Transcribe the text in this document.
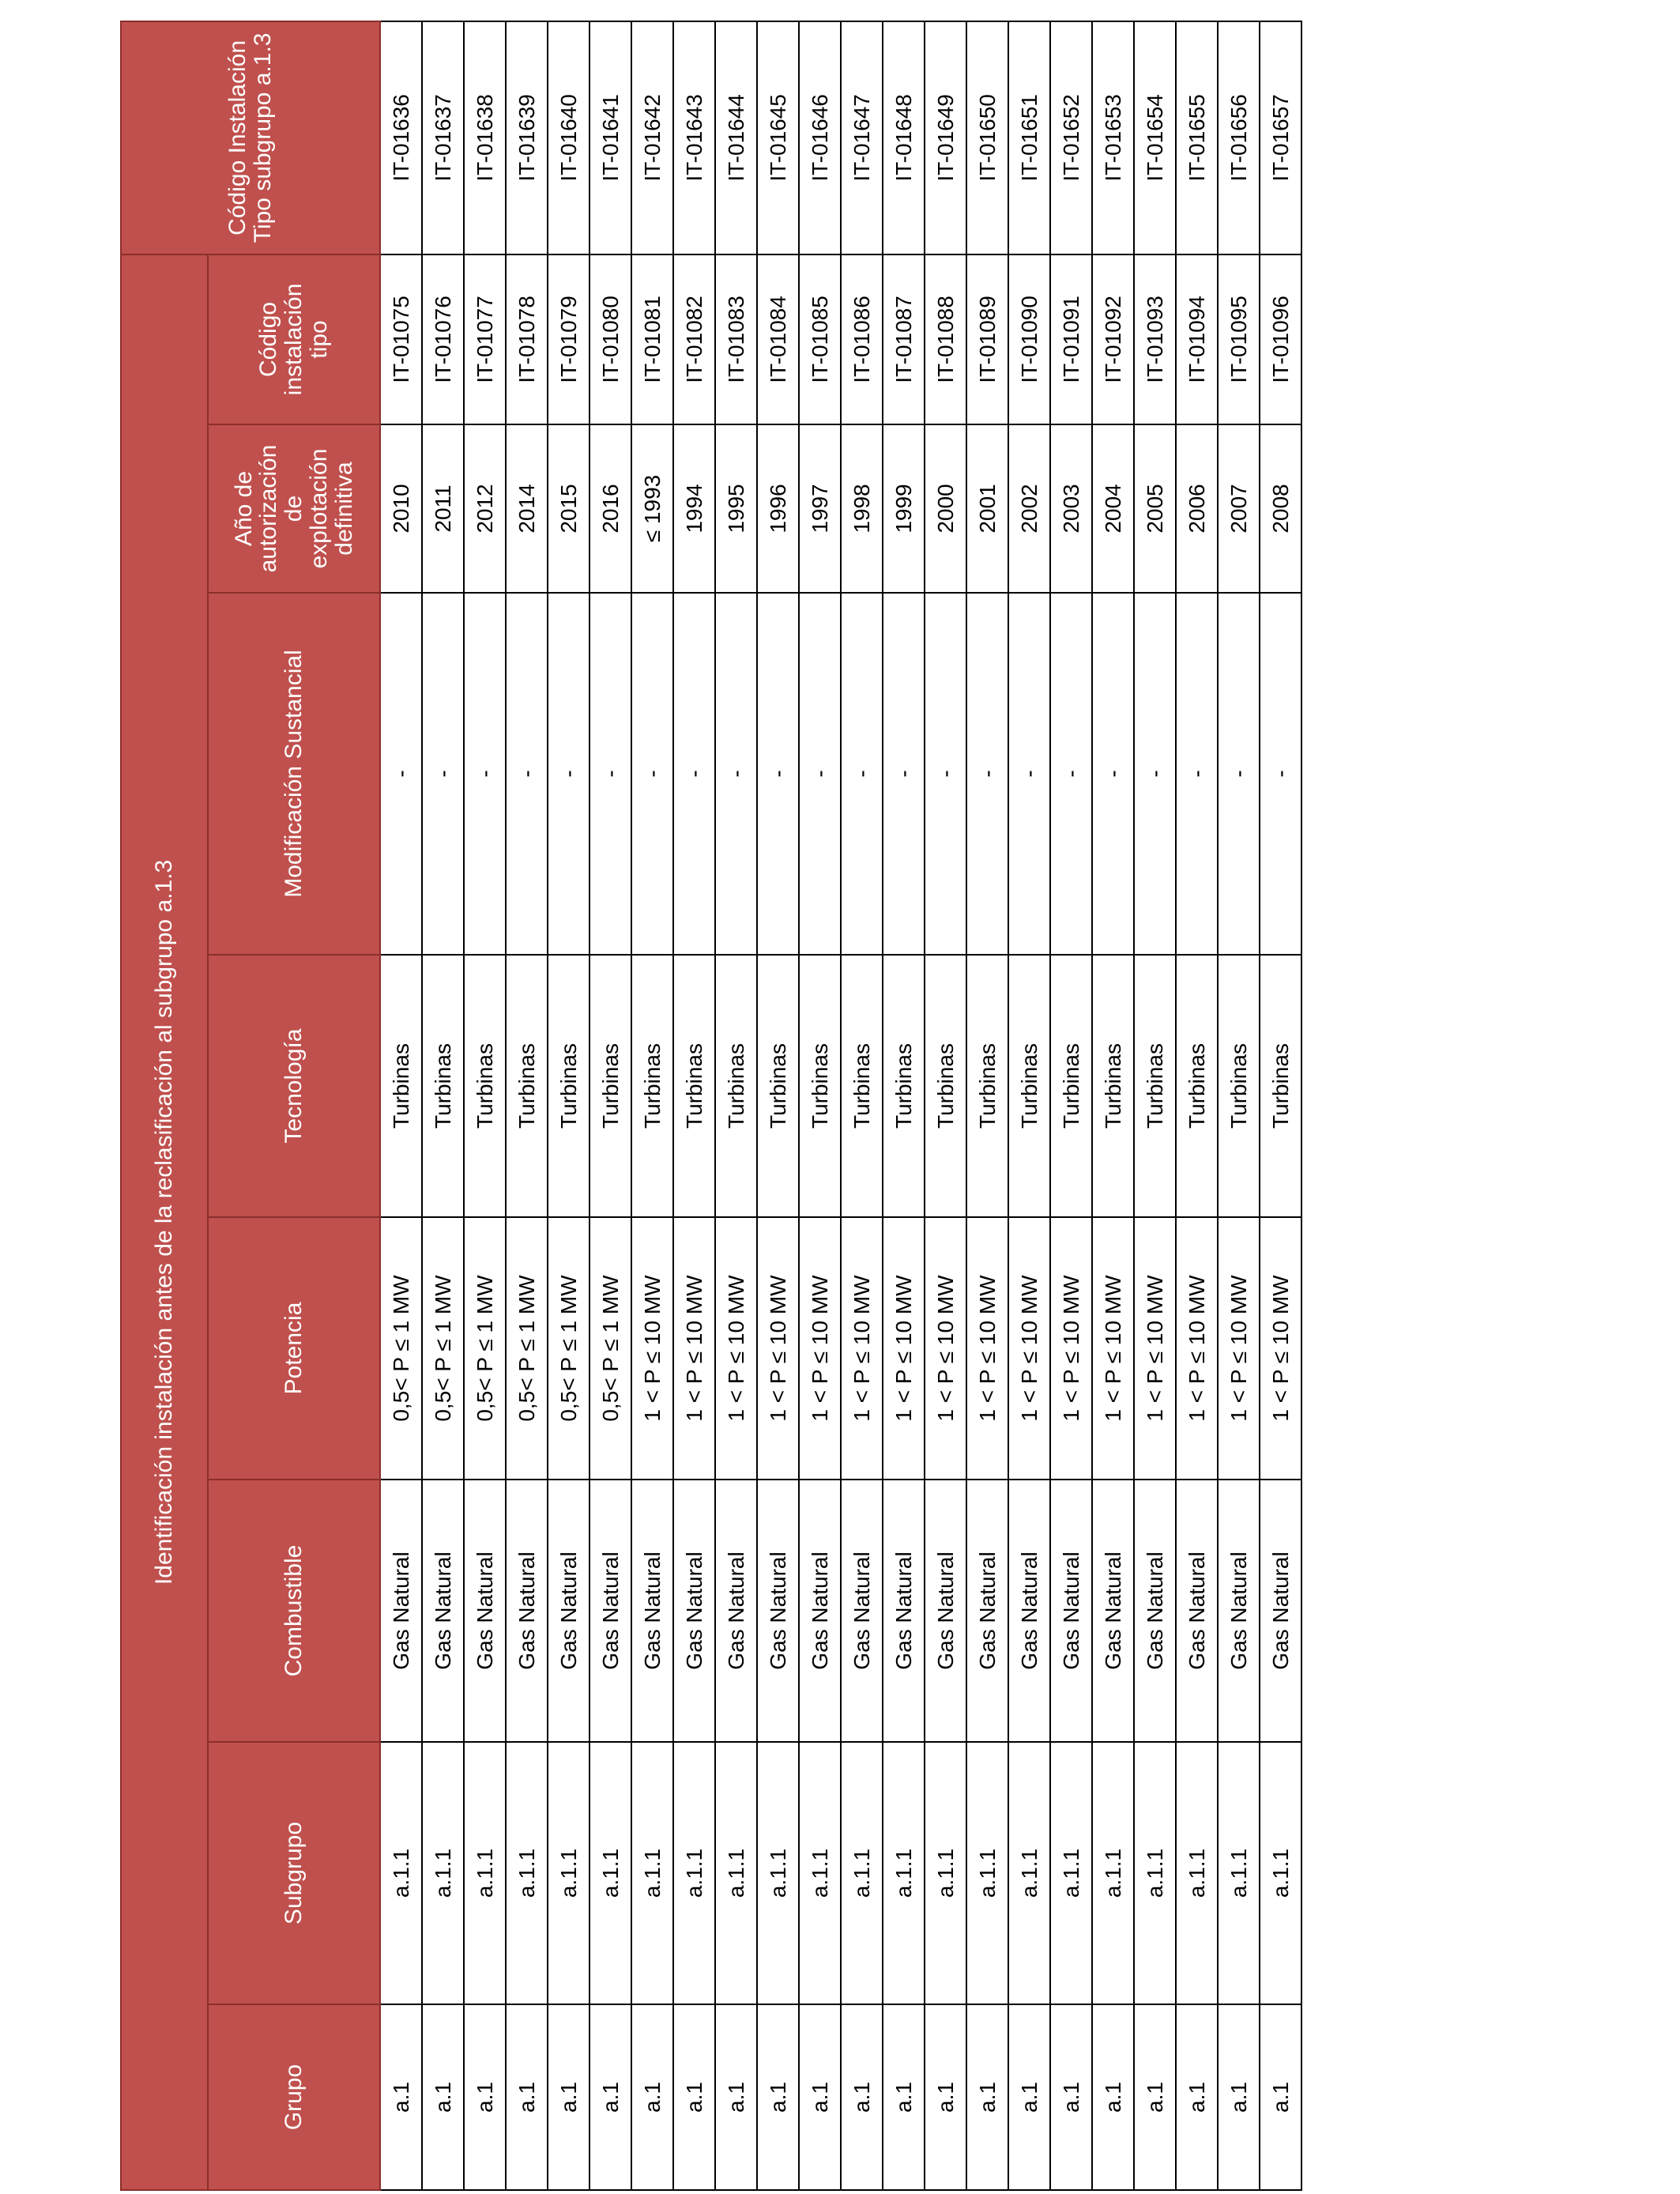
Identificación instalación antes de la reclasificación al subgrupo a.1.3								Código Instalación Tipo subgrupo a.1.3
Grupo	Subgrupo	Combustible	Potencia	Tecnología	Modificación Sustancial	Año de autorización de explotación definitiva	Código instalación tipo	
a.1	a.1.1	Gas Natural	0,5< P ≤ 1 MW	Turbinas	-	2010	IT-01075	IT-01636
a.1	a.1.1	Gas Natural	0,5< P ≤ 1 MW	Turbinas	-	2011	IT-01076	IT-01637
a.1	a.1.1	Gas Natural	0,5< P ≤ 1 MW	Turbinas	-	2012	IT-01077	IT-01638
a.1	a.1.1	Gas Natural	0,5< P ≤ 1 MW	Turbinas	-	2014	IT-01078	IT-01639
a.1	a.1.1	Gas Natural	0,5< P ≤ 1 MW	Turbinas	-	2015	IT-01079	IT-01640
a.1	a.1.1	Gas Natural	0,5< P ≤ 1 MW	Turbinas	-	2016	IT-01080	IT-01641
a.1	a.1.1	Gas Natural	1 < P ≤ 10 MW	Turbinas	-	≤ 1993	IT-01081	IT-01642
a.1	a.1.1	Gas Natural	1 < P ≤ 10 MW	Turbinas	-	1994	IT-01082	IT-01643
a.1	a.1.1	Gas Natural	1 < P ≤ 10 MW	Turbinas	-	1995	IT-01083	IT-01644
a.1	a.1.1	Gas Natural	1 < P ≤ 10 MW	Turbinas	-	1996	IT-01084	IT-01645
a.1	a.1.1	Gas Natural	1 < P ≤ 10 MW	Turbinas	-	1997	IT-01085	IT-01646
a.1	a.1.1	Gas Natural	1 < P ≤ 10 MW	Turbinas	-	1998	IT-01086	IT-01647
a.1	a.1.1	Gas Natural	1 < P ≤ 10 MW	Turbinas	-	1999	IT-01087	IT-01648
a.1	a.1.1	Gas Natural	1 < P ≤ 10 MW	Turbinas	-	2000	IT-01088	IT-01649
a.1	a.1.1	Gas Natural	1 < P ≤ 10 MW	Turbinas	-	2001	IT-01089	IT-01650
a.1	a.1.1	Gas Natural	1 < P ≤ 10 MW	Turbinas	-	2002	IT-01090	IT-01651
a.1	a.1.1	Gas Natural	1 < P ≤ 10 MW	Turbinas	-	2003	IT-01091	IT-01652
a.1	a.1.1	Gas Natural	1 < P ≤ 10 MW	Turbinas	-	2004	IT-01092	IT-01653
a.1	a.1.1	Gas Natural	1 < P ≤ 10 MW	Turbinas	-	2005	IT-01093	IT-01654
a.1	a.1.1	Gas Natural	1 < P ≤ 10 MW	Turbinas	-	2006	IT-01094	IT-01655
a.1	a.1.1	Gas Natural	1 < P ≤ 10 MW	Turbinas	-	2007	IT-01095	IT-01656
a.1	a.1.1	Gas Natural	1 < P ≤ 10 MW	Turbinas	-	2008	IT-01096	IT-01657
